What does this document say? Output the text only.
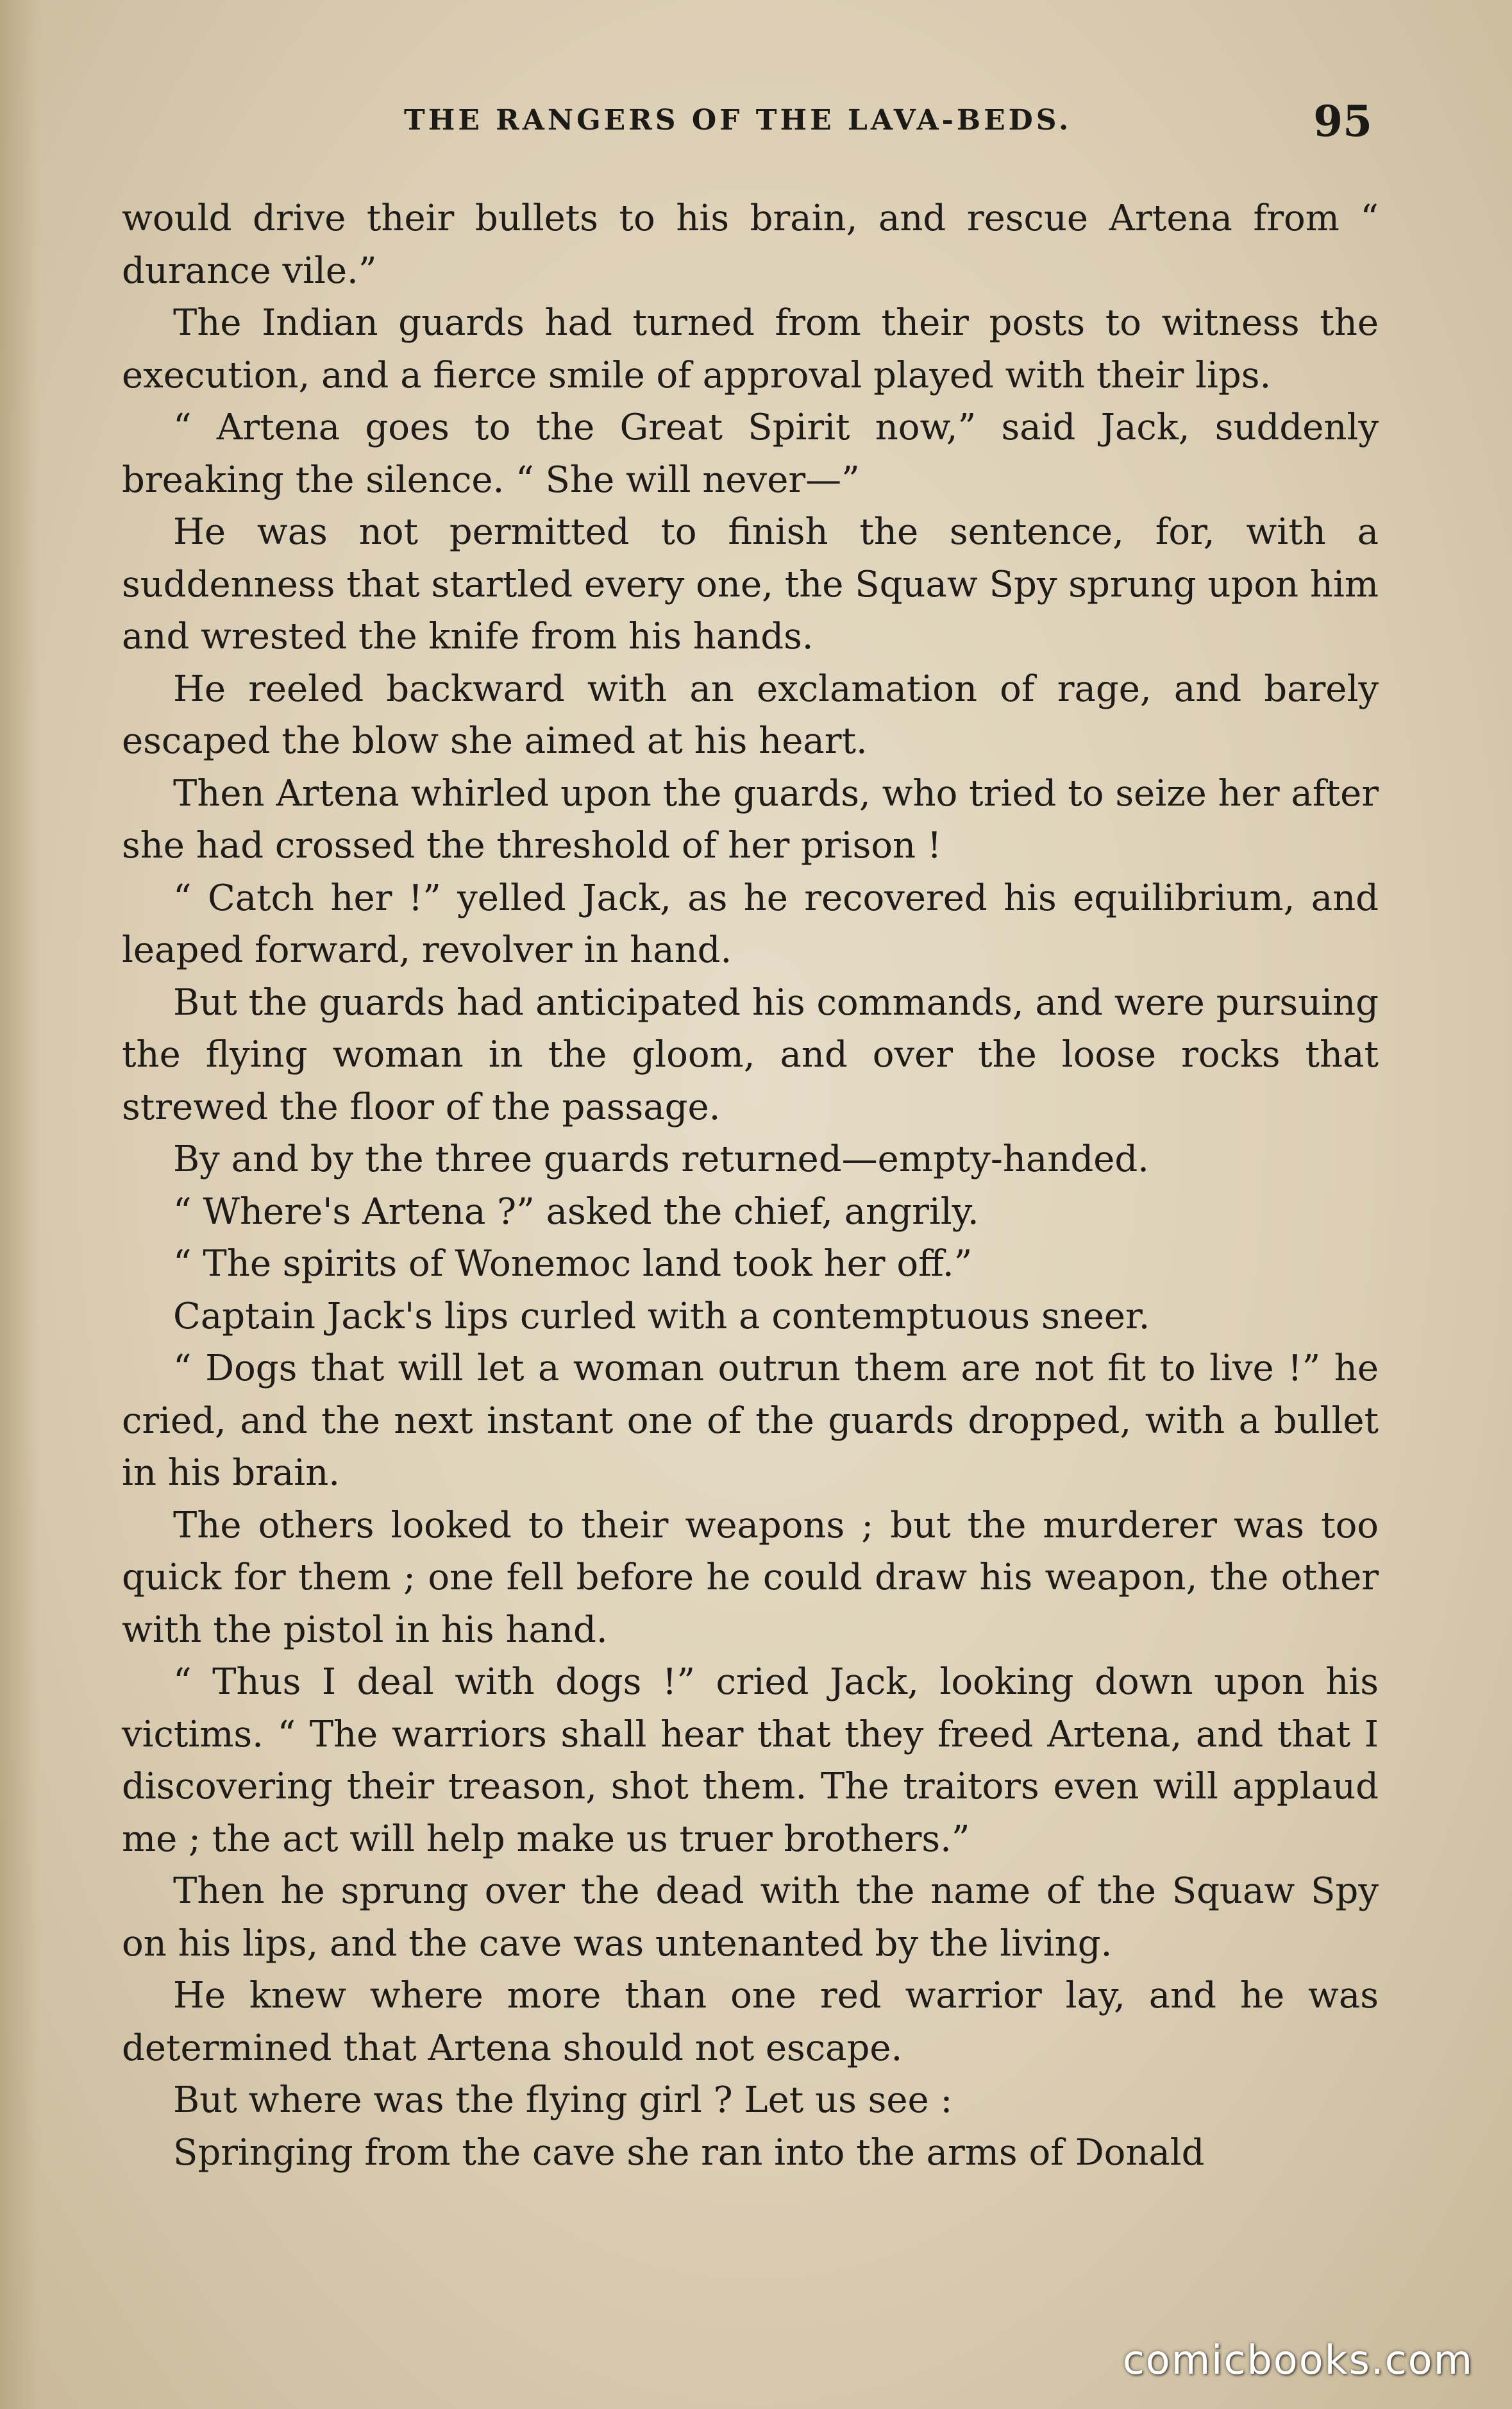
THE RANGERS OF THE LAVA-BEDS.	95

would drive their bullets to his brain, and rescue Artena from “ durance vile.”

The Indian guards had turned from their posts to witness the execution, and a fierce smile of approval played with their lips.

“ Artena goes to the Great Spirit now,” said Jack, suddenly breaking the silence. “ She will never—”

He was not permitted to finish the sentence, for, with a suddenness that startled every one, the Squaw Spy sprung upon him and wrested the knife from his hands.

He reeled backward with an exclamation of rage, and barely escaped the blow she aimed at his heart.

Then Artena whirled upon the guards, who tried to seize her after she had crossed the threshold of her prison !

“ Catch her !” yelled Jack, as he recovered his equilibrium, and leaped forward, revolver in hand.

But the guards had anticipated his commands, and were pursuing the flying woman in the gloom, and over the loose rocks that strewed the floor of the passage.

By and by the three guards returned—empty-handed.

“ Where's Artena ?” asked the chief, angrily.

“ The spirits of Wonemoc land took her off.”

Captain Jack's lips curled with a contemptuous sneer.

“ Dogs that will let a woman outrun them are not fit to live !” he cried, and the next instant one of the guards dropped, with a bullet in his brain.

The others looked to their weapons ; but the murderer was too quick for them ; one fell before he could draw his weapon, the other with the pistol in his hand.

“ Thus I deal with dogs !” cried Jack, looking down upon his victims. “ The warriors shall hear that they freed Artena, and that I discovering their treason, shot them. The traitors even will applaud me ; the act will help make us truer brothers.”

Then he sprung over the dead with the name of the Squaw Spy on his lips, and the cave was untenanted by the living.

He knew where more than one red warrior lay, and he was determined that Artena should not escape.

But where was the flying girl ? Let us see :

Springing from the cave she ran into the arms of Donald

comicbooks.com
